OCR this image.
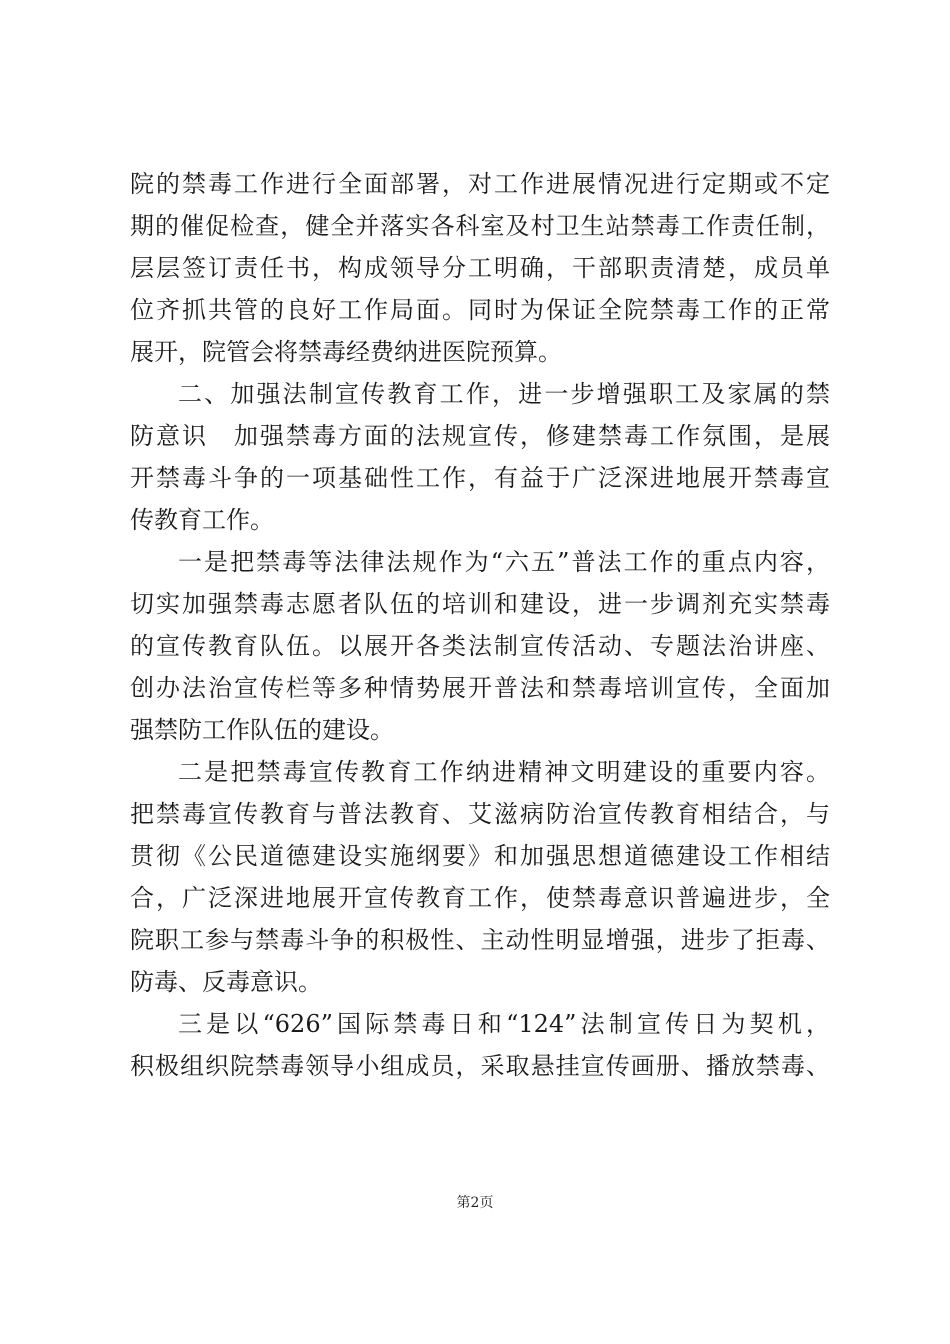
院的禁毒工作进行全面部署，对工作进展情况进行定期或不定
期的催促检查，健全并落实各科室及村卫生站禁毒工作责任制，
层层签订责任书，构成领导分工明确，干部职责清楚，成员单
位齐抓共管的良好工作局面。同时为保证全院禁毒工作的正常
展开，院管会将禁毒经费纳进医院预算。
二、加强法制宣传教育工作，进一步增强职工及家属的禁
防意识　加强禁毒方面的法规宣传，修建禁毒工作氛围，是展
开禁毒斗争的一项基础性工作，有益于广泛深进地展开禁毒宣
传教育工作。
一是把禁毒等法律法规作为“六五”普法工作的重点内容，
切实加强禁毒志愿者队伍的培训和建设，进一步调剂充实禁毒
的宣传教育队伍。以展开各类法制宣传活动、专题法治讲座、
创办法治宣传栏等多种情势展开普法和禁毒培训宣传，全面加
强禁防工作队伍的建设。
二是把禁毒宣传教育工作纳进精神文明建设的重要内容。
把禁毒宣传教育与普法教育、艾滋病防治宣传教育相结合，与
贯彻《公民道德建设实施纲要》和加强思想道德建设工作相结
合，广泛深进地展开宣传教育工作，使禁毒意识普遍进步，全
院职工参与禁毒斗争的积极性、主动性明显增强，进步了拒毒、
防毒、反毒意识。
三是以“626”国际禁毒日和“124”法制宣传日为契机，
积极组织院禁毒领导小组成员，采取悬挂宣传画册、播放禁毒、
第2页
